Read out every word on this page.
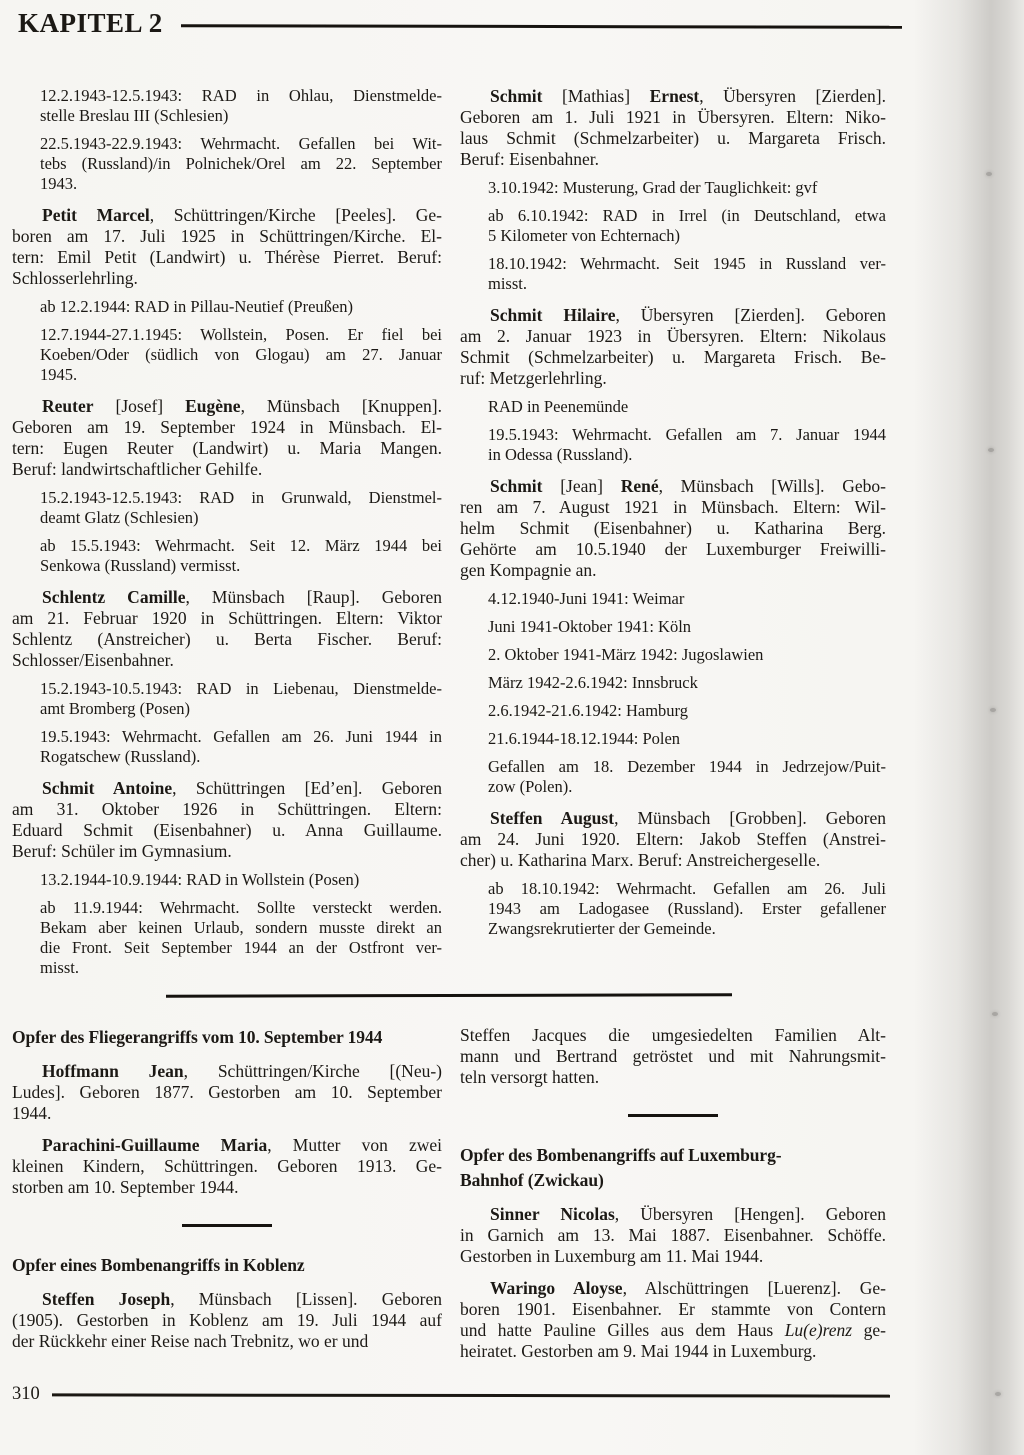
KAPITEL 2
12.2.1943-12.5.1943: RAD in Ohlau, Dienstmelde-
stelle Breslau III (Schlesien)
22.5.1943-22.9.1943: Wehrmacht. Gefallen bei Wit-
tebs (Russland)/in Polnichek/Orel am 22. September
1943.
Petit Marcel, Schüttringen/Kirche [Peeles]. Ge-
boren am 17. Juli 1925 in Schüttringen/Kirche. El-
tern: Emil Petit (Landwirt) u. Thérèse Pierret. Beruf:
Schlosserlehrling.
ab 12.2.1944: RAD in Pillau-Neutief (Preußen)
12.7.1944-27.1.1945: Wollstein, Posen. Er fiel bei
Koeben/Oder (südlich von Glogau) am 27. Januar
1945.
Reuter [Josef] Eugène, Münsbach [Knuppen].
Geboren am 19. September 1924 in Münsbach. El-
tern: Eugen Reuter (Landwirt) u. Maria Mangen.
Beruf: landwirtschaftlicher Gehilfe.
15.2.1943-12.5.1943: RAD in Grunwald, Dienstmel-
deamt Glatz (Schlesien)
ab 15.5.1943: Wehrmacht. Seit 12. März 1944 bei
Senkowa (Russland) vermisst.
Schlentz Camille, Münsbach [Raup]. Geboren
am 21. Februar 1920 in Schüttringen. Eltern: Viktor
Schlentz (Anstreicher) u. Berta Fischer. Beruf:
Schlosser/Eisenbahner.
15.2.1943-10.5.1943: RAD in Liebenau, Dienstmelde-
amt Bromberg (Posen)
19.5.1943: Wehrmacht. Gefallen am 26. Juni 1944 in
Rogatschew (Russland).
Schmit Antoine, Schüttringen [Ed’en]. Geboren
am 31. Oktober 1926 in Schüttringen. Eltern:
Eduard Schmit (Eisenbahner) u. Anna Guillaume.
Beruf: Schüler im Gymnasium.
13.2.1944-10.9.1944: RAD in Wollstein (Posen)
ab 11.9.1944: Wehrmacht. Sollte versteckt werden.
Bekam aber keinen Urlaub, sondern musste direkt an
die Front. Seit September 1944 an der Ostfront ver-
misst.
Schmit [Mathias] Ernest, Übersyren [Zierden].
Geboren am 1. Juli 1921 in Übersyren. Eltern: Niko-
laus Schmit (Schmelzarbeiter) u. Margareta Frisch.
Beruf: Eisenbahner.
3.10.1942: Musterung, Grad der Tauglichkeit: gvf
ab 6.10.1942: RAD in Irrel (in Deutschland, etwa
5 Kilometer von Echternach)
18.10.1942: Wehrmacht. Seit 1945 in Russland ver-
misst.
Schmit Hilaire, Übersyren [Zierden]. Geboren
am 2. Januar 1923 in Übersyren. Eltern: Nikolaus
Schmit (Schmelzarbeiter) u. Margareta Frisch. Be-
ruf: Metzgerlehrling.
RAD in Peenemünde
19.5.1943: Wehrmacht. Gefallen am 7. Januar 1944
in Odessa (Russland).
Schmit [Jean] René, Münsbach [Wills]. Gebo-
ren am 7. August 1921 in Münsbach. Eltern: Wil-
helm Schmit (Eisenbahner) u. Katharina Berg.
Gehörte am 10.5.1940 der Luxemburger Freiwilli-
gen Kompagnie an.
4.12.1940-Juni 1941: Weimar
Juni 1941-Oktober 1941: Köln
2. Oktober 1941-März 1942: Jugoslawien
März 1942-2.6.1942: Innsbruck
2.6.1942-21.6.1942: Hamburg
21.6.1944-18.12.1944: Polen
Gefallen am 18. Dezember 1944 in Jedrzejow/Puit-
zow (Polen).
Steffen August, Münsbach [Grobben]. Geboren
am 24. Juni 1920. Eltern: Jakob Steffen (Anstrei-
cher) u. Katharina Marx. Beruf: Anstreichergeselle.
ab 18.10.1942: Wehrmacht. Gefallen am 26. Juli
1943 am Ladogasee (Russland). Erster gefallener
Zwangsrekrutierter der Gemeinde.
Opfer des Fliegerangriffs vom 10. September 1944
Hoffmann Jean, Schüttringen/Kirche [(Neu-)
Ludes]. Geboren 1877. Gestorben am 10. September
1944.
Parachini-Guillaume Maria, Mutter von zwei
kleinen Kindern, Schüttringen. Geboren 1913. Ge-
storben am 10. September 1944.
Opfer eines Bombenangriffs in Koblenz
Steffen Joseph, Münsbach [Lissen]. Geboren
(1905). Gestorben in Koblenz am 19. Juli 1944 auf
der Rückkehr einer Reise nach Trebnitz, wo er und
Steffen Jacques die umgesiedelten Familien Alt-
mann und Bertrand getröstet und mit Nahrungsmit-
teln versorgt hatten.
Opfer des Bombenangriffs auf Luxemburg-
Bahnhof (Zwickau)
Sinner Nicolas, Übersyren [Hengen]. Geboren
in Garnich am 13. Mai 1887. Eisenbahner. Schöffe.
Gestorben in Luxemburg am 11. Mai 1944.
Waringo Aloyse, Alschüttringen [Luerenz]. Ge-
boren 1901. Eisenbahner. Er stammte von Contern
und hatte Pauline Gilles aus dem Haus Lu(e)renz ge-
heiratet. Gestorben am 9. Mai 1944 in Luxemburg.
310
